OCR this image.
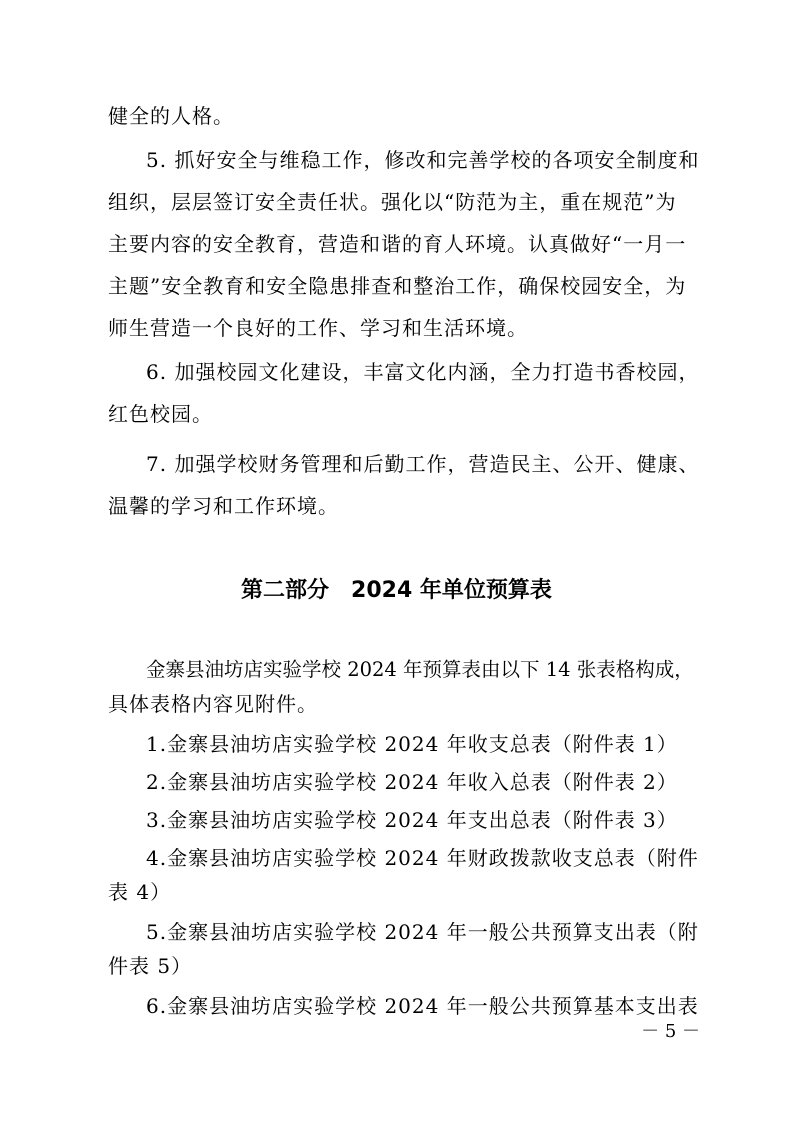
健全的人格。
5. 抓好安全与维稳工作，修改和完善学校的各项安全制度和
组织，层层签订安全责任状。强化以“防范为主，重在规范”为
主要内容的安全教育，营造和谐的育人环境。认真做好“一月一
主题”安全教育和安全隐患排查和整治工作，确保校园安全，为
师生营造一个良好的工作、学习和生活环境。
6. 加强校园文化建设，丰富文化内涵，全力打造书香校园，
红色校园。
7. 加强学校财务管理和后勤工作，营造民主、公开、健康、
温馨的学习和工作环境。
第二部分　2024 年单位预算表
金寨县油坊店实验学校 2024 年预算表由以下 14 张表格构成，
具体表格内容见附件。
1.金寨县油坊店实验学校 2024 年收支总表（附件表 1）
2.金寨县油坊店实验学校 2024 年收入总表（附件表 2）
3.金寨县油坊店实验学校 2024 年支出总表（附件表 3）
4.金寨县油坊店实验学校 2024 年财政拨款收支总表（附件
表 4）
5.金寨县油坊店实验学校 2024 年一般公共预算支出表（附
件表 5）
6.金寨县油坊店实验学校 2024 年一般公共预算基本支出表
－ 5 －
